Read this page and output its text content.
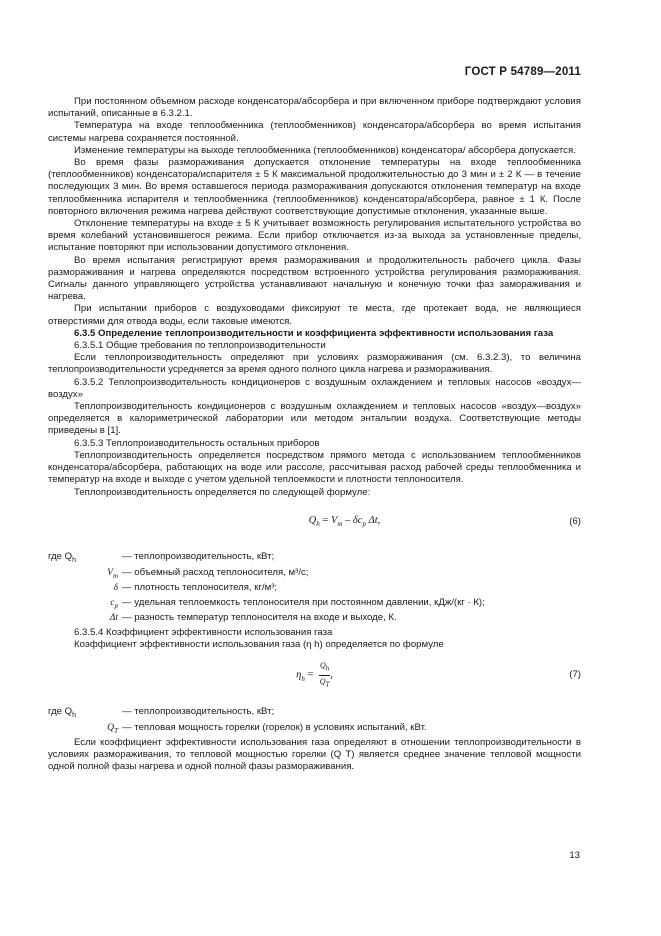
ГОСТ Р 54789—2011

При постоянном объемном расходе конденсатора/абсорбера и при включенном приборе подтверждают условия испытаний, описанные в 6.3.2.1.

Температура на входе теплообменника (теплообменников) конденсатора/абсорбера во время испытания системы нагрева сохраняется постоянной.

Изменение температуры на выходе теплообменника (теплообменников) конденсатора/ абсорбера допускается.

Во время фазы размораживания допускается отклонение температуры на входе теплообменника (теплообменников) конденсатора/испарителя ± 5 К максимальной продолжительностью до 3 мин и ± 2 К — в течение последующих 3 мин. Во время оставшегося периода размораживания допускаются отклонения температур на входе теплообменника испарителя и теплообменника (теплообменников) конденсатора/абсорбера, равное ± 1 К. После повторного включения режима нагрева действуют соответствующие допустимые отклонения, указанные выше.

Отклонение температуры на входе ± 5 К учитывает возможность регулирования испытательного устройства во время колебаний установившегося режима. Если прибор отключается из-за выхода за установленные пределы, испытание повторяют при использовании допустимого отклонения.

Во время испытания регистрируют время размораживания и продолжительность рабочего цикла. Фазы размораживания и нагрева определяются посредством встроенного устройства регулирования размораживания. Сигналы данного управляющего устройства устанавливают начальную и конечную точки фаз замораживания и нагрева.

При испытании приборов с воздуховодами фиксируют те места, где протекает вода, не являющиеся отверстиями для отвода воды, если таковые имеются.

6.3.5 Определение теплопроизводительности и коэффициента эффективности использования газа

6.3.5.1 Общие требования по теплопроизводительности

Если теплопроизводительность определяют при условиях размораживания (см. 6.3.2.3), то величина теплопроизводительности усредняется за время одного полного цикла нагрева и размораживания.

6.3.5.2 Теплопроизводительность кондиционеров с воздушным охлаждением и тепловых насосов «воздух—воздух»

Теплопроизводительность кондиционеров с воздушным охлаждением и тепловых насосов «воздух—воздух» определяется в калориметрической лаборатории или методом энтальпии воздуха. Соответствующие методы приведены в [1].

6.3.5.3 Теплопроизводительность остальных приборов

Теплопроизводительность определяется посредством прямого метода с использованием теплообменников конденсатора/абсорбера, работающих на воде или рассоле, рассчитывая расход рабочей среды теплообменника и температур на входе и выходе с учетом удельной теплоемкости и плотности теплоносителя.

Теплопроизводительность определяется по следующей формуле:

$Q_h = V_m - \delta c_p$ Δt,	(6)
где $Q_h$	— теплопроизводительность, кВт;
$V_m$ — объемный расход теплоносителя, м³/с;
δ — плотность теплоносителя, кг/м³;
$c_p$ — удельная теплоемкость теплоносителя при постоянном давлении, кДж/(кг · К);
Δt — разность температур теплоносителя на входе и выходе, К.

6.3.5.4 Коэффициент эффективности использования газа

Коэффициент эффективности использования газа (η h) определяется по формуле

$\eta_h = \frac{Q_h}{Q_T}$ ,	(7)
где $Q_h$	— теплопроизводительность, кВт;
$Q_T$ — тепловая мощность горелки (горелок) в условиях испытаний, кВт.

Если коэффициент эффективности использования газа определяют в отношении теплопроизводительности в условиях размораживания, то тепловой мощностью горелки (Q T) является среднее значение тепловой мощности одной полной фазы нагрева и одной полной фазы размораживания.

13
